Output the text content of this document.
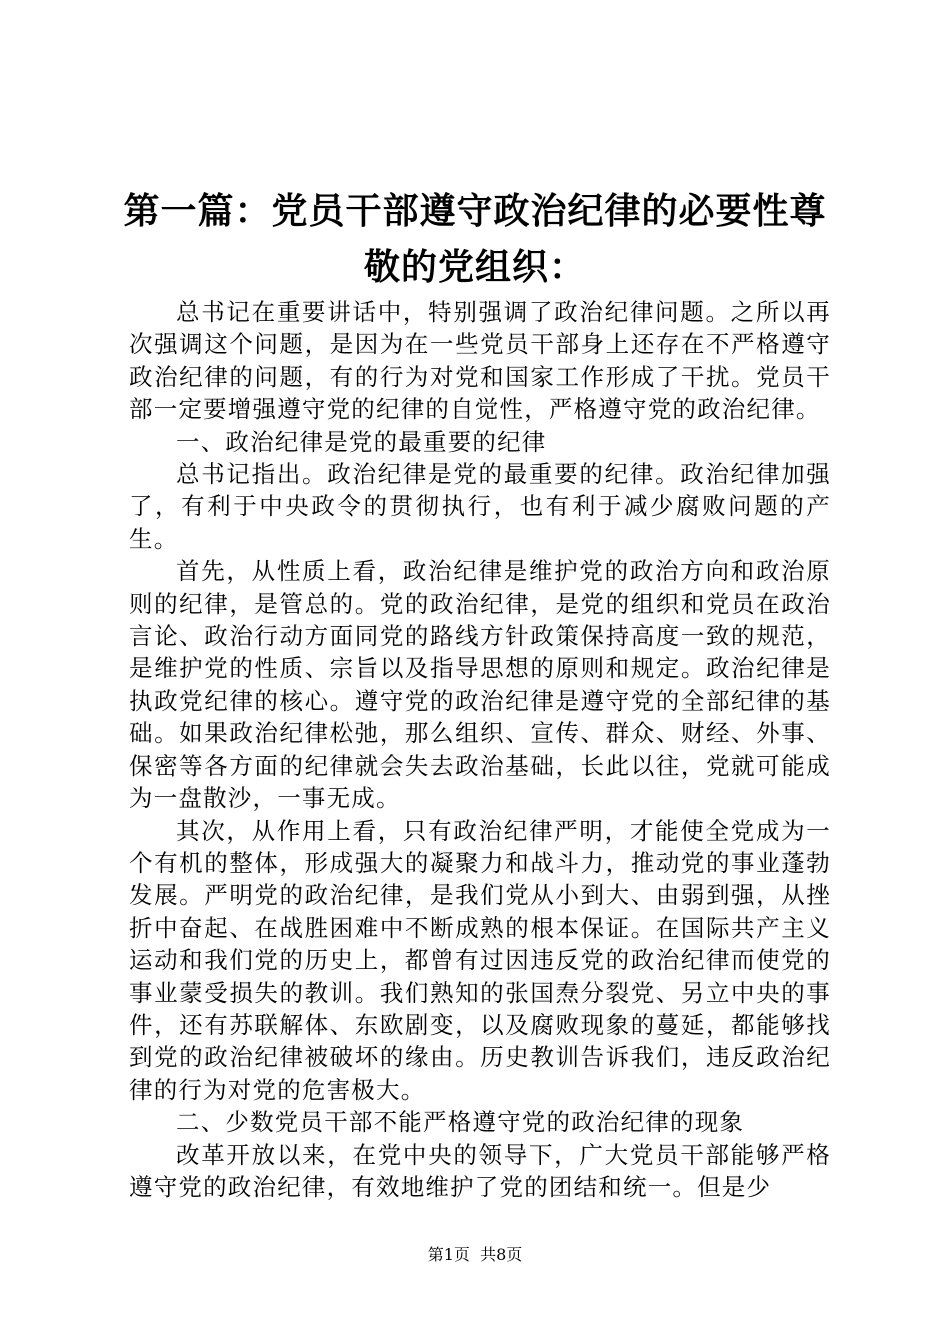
第一篇：党员干部遵守政治纪律的必要性尊敬的党组织：

总书记在重要讲话中，特别强调了政治纪律问题。之所以再次强调这个问题，是因为在一些党员干部身上还存在不严格遵守政治纪律的问题，有的行为对党和国家工作形成了干扰。党员干部一定要增强遵守党的纪律的自觉性，严格遵守党的政治纪律。

一、政治纪律是党的最重要的纪律

总书记指出。政治纪律是党的最重要的纪律。政治纪律加强了，有利于中央政令的贯彻执行，也有利于减少腐败问题的产生。

首先，从性质上看，政治纪律是维护党的政治方向和政治原则的纪律，是管总的。党的政治纪律，是党的组织和党员在政治言论、政治行动方面同党的路线方针政策保持高度一致的规范，是维护党的性质、宗旨以及指导思想的原则和规定。政治纪律是执政党纪律的核心。遵守党的政治纪律是遵守党的全部纪律的基础。如果政治纪律松弛，那么组织、宣传、群众、财经、外事、保密等各方面的纪律就会失去政治基础，长此以往，党就可能成为一盘散沙，一事无成。

其次，从作用上看，只有政治纪律严明，才能使全党成为一个有机的整体，形成强大的凝聚力和战斗力，推动党的事业蓬勃发展。严明党的政治纪律，是我们党从小到大、由弱到强，从挫折中奋起、在战胜困难中不断成熟的根本保证。在国际共产主义运动和我们党的历史上，都曾有过因违反党的政治纪律而使党的事业蒙受损失的教训。我们熟知的张国焘分裂党、另立中央的事件，还有苏联解体、东欧剧变，以及腐败现象的蔓延，都能够找到党的政治纪律被破坏的缘由。历史教训告诉我们，违反政治纪律的行为对党的危害极大。

二、少数党员干部不能严格遵守党的政治纪律的现象

改革开放以来，在党中央的领导下，广大党员干部能够严格遵守党的政治纪律，有效地维护了党的团结和统一。但是少

第1页 共8页
